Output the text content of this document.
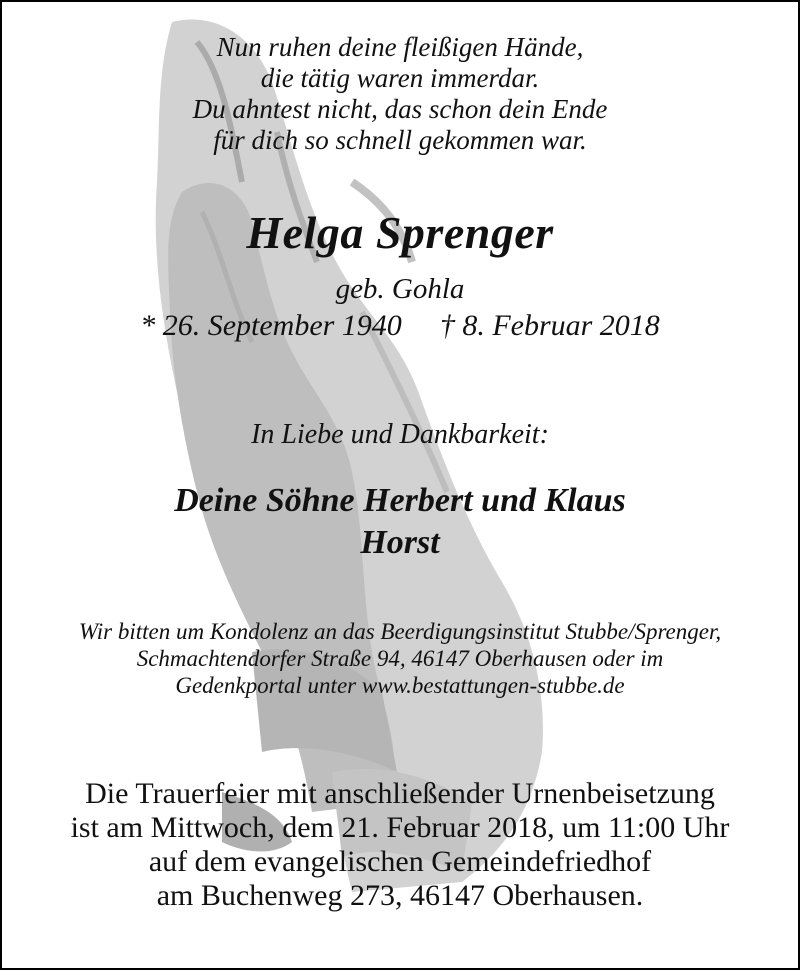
Nun ruhen deine fleißigen Hände,
die tätig waren immerdar.
Du ahntest nicht, das schon dein Ende
für dich so schnell gekommen war.
Helga Sprenger
geb. Gohla
* 26. September 1940 † 8. Februar 2018
In Liebe und Dankbarkeit:
Deine Söhne Herbert und Klaus
Horst
Wir bitten um Kondolenz an das Beerdigungsinstitut Stubbe/Sprenger,
Schmachtendorfer Straße 94, 46147 Oberhausen oder im
Gedenkportal unter www.bestattungen-stubbe.de
Die Trauerfeier mit anschließender Urnenbeisetzung
ist am Mittwoch, dem 21. Februar 2018, um 11:00 Uhr
auf dem evangelischen Gemeindefriedhof
am Buchenweg 273, 46147 Oberhausen.
